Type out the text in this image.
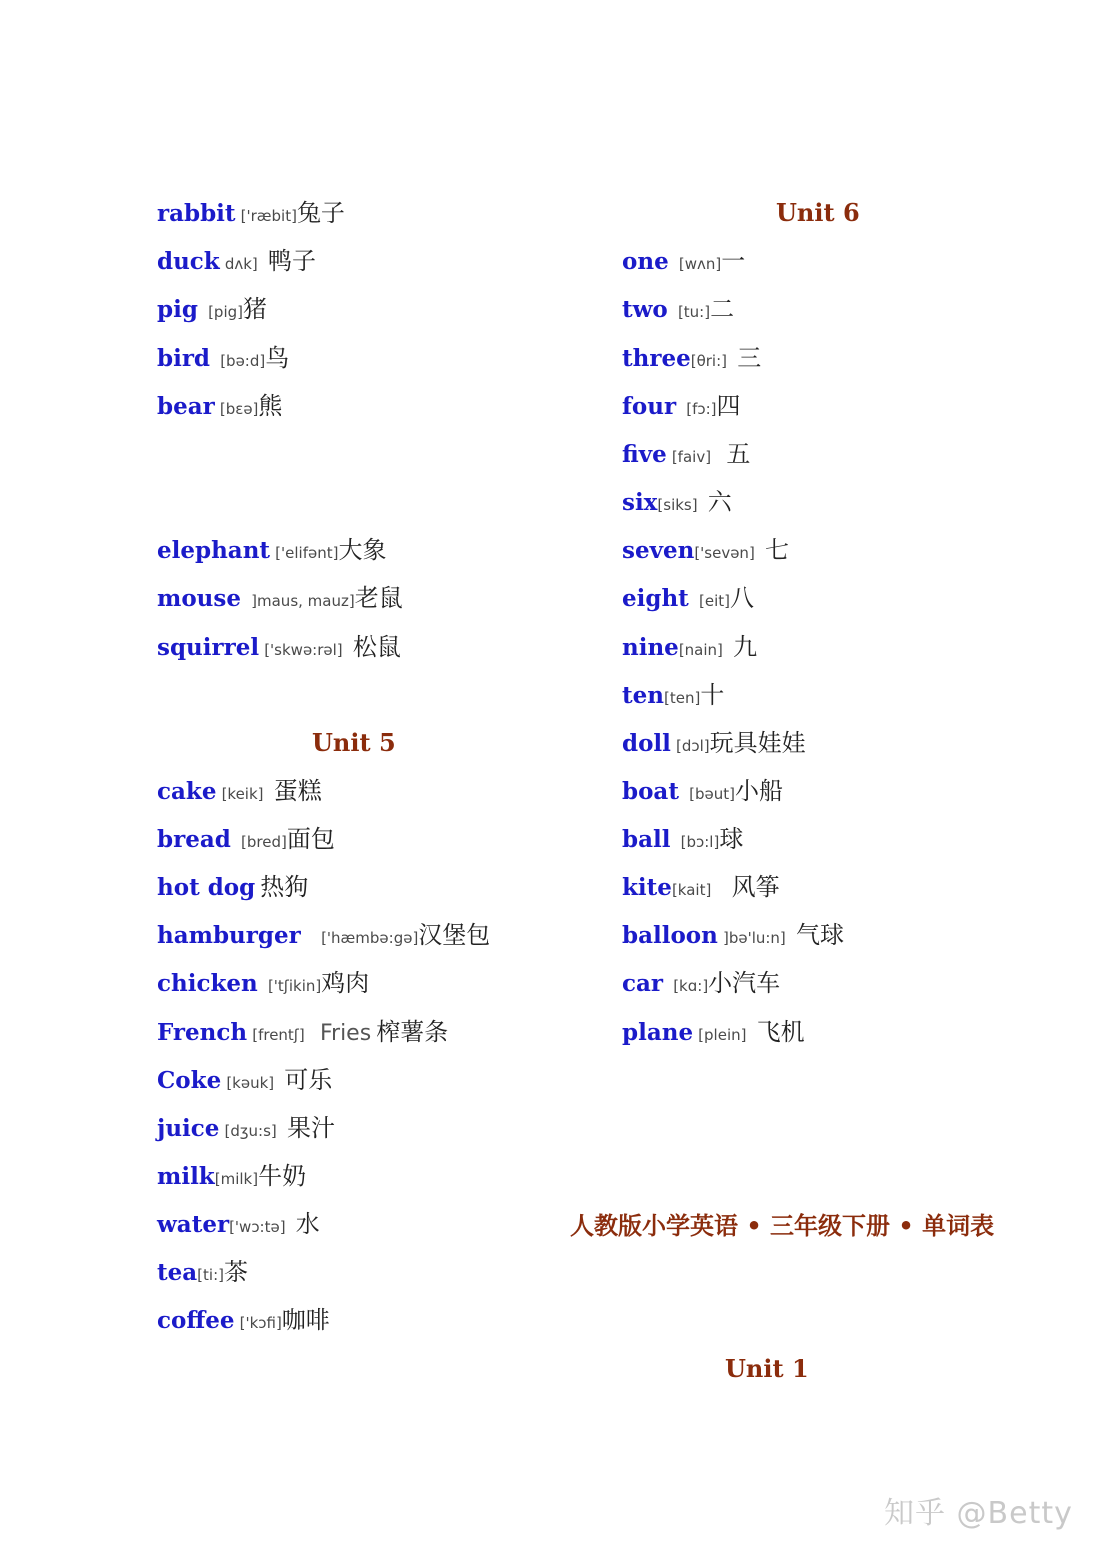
rabbit ['ræbit]兔子
duck dʌk] 鸭子
pig [pig]猪
bird [bə:d]鸟
bear [bɛə]熊
elephant ['elifənt]大象
mouse ]maus, mauz]老鼠
squirrel ['skwə:rəl] 松鼠
Unit 5
cake [keik] 蛋糕
bread [bred]面包
hot dog 热狗
hamburger ['hæmbə:gə]汉堡包
chicken ['tʃikin]鸡肉
French [frentʃ] Fries 榨薯条
Coke [kəuk] 可乐
juice [dʒu:s] 果汁
milk[milk]牛奶
water['wɔ:tə] 水
tea[ti:]茶
coffee ['kɔfi]咖啡
Unit 6
one [wʌn]一
two [tu:]二
three[θri:] 三
four [fɔ:]四
five [faiv] 五
six[siks] 六
seven['sevən] 七
eight [eit]八
nine[nain] 九
ten[ten]十
doll [dɔl]玩具娃娃
boat [bəut]小船
ball [bɔ:l]球
kite[kait] 风筝
balloon ]bə'lu:n] 气球
car [kɑ:]小汽车
plane [plein] 飞机
人教版小学英语 • 三年级下册 • 单词表
Unit 1
知乎 @Betty
